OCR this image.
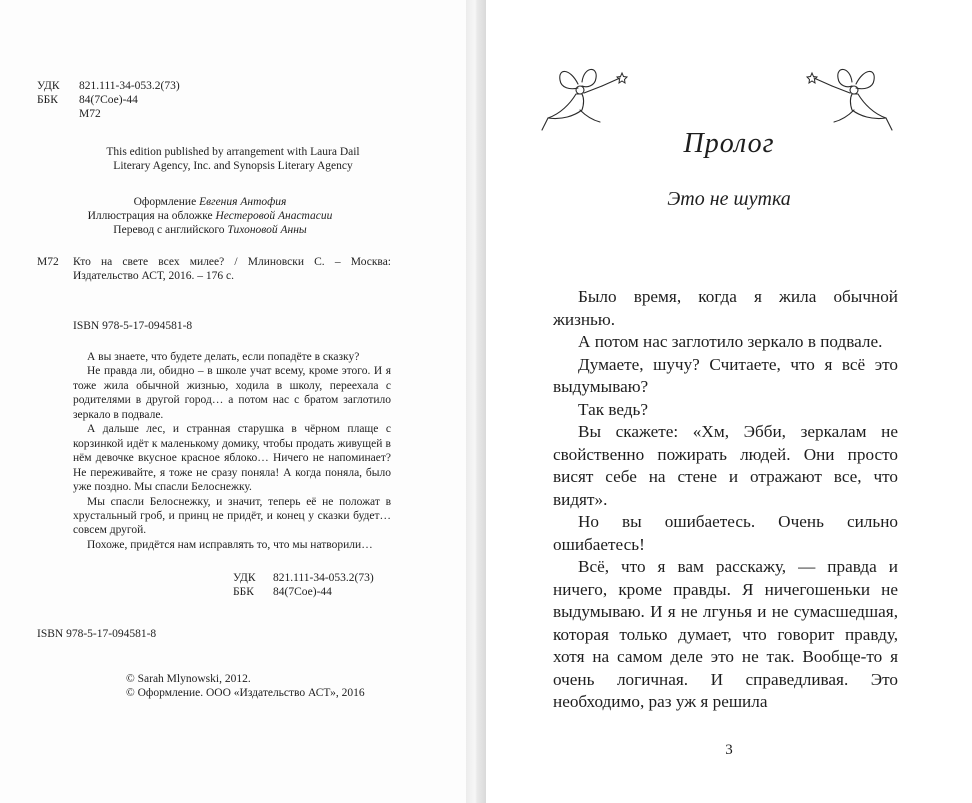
УДК 821.111-34-053.2(73)
ББК 84(7Сое)-44
М72
This edition published by arrangement with Laura Dail Literary Agency, Inc. and Synopsis Literary Agency
Оформление Евгения Антофия
Иллюстрация на обложке Нестеровой Анастасии
Перевод с английского Тихоновой Анны
М72 Кто на свете всех милее? / Млиновски С. – Москва: Издательство АСТ, 2016. – 176 с.
ISBN 978-5-17-094581-8

А вы знаете, что будете делать, если попадёте в сказку?

Не правда ли, обидно – в школе учат всему, кроме этого. И я тоже жила обычной жизнью, ходила в школу, переехала с родителями в другой город… а потом нас с братом заглотило зеркало в подвале.

А дальше лес, и странная старушка в чёрном плаще с корзинкой идёт к маленькому домику, чтобы продать живущей в нём девочке вкусное красное яблоко… Ничего не напоминает? Не переживайте, я тоже не сразу поняла! А когда поняла, было уже поздно. Мы спасли Белоснежку.

Мы спасли Белоснежку, и значит, теперь её не положат в хрустальный гроб, и принц не придёт, и конец у сказки будет… совсем другой.

Похоже, придётся нам исправлять то, что мы натворили…

УДК 821.111-34-053.2(73)
ББК 84(7Сое)-44
ISBN 978-5-17-094581-8
© Sarah Mlynowski, 2012.
© Оформление. ООО «Издательство АСТ», 2016
Пролог
Это не шутка

Было время, когда я жила обычной жизнью.

А потом нас заглотило зеркало в подвале.

Думаете, шучу? Считаете, что я всё это выдумываю?

Так ведь?

Вы скажете: «Хм, Эбби, зеркалам не свойственно пожирать людей. Они просто висят себе на стене и отражают все, что видят».

Но вы ошибаетесь. Очень сильно ошибаетесь!

Всё, что я вам расскажу, — правда и ничего, кроме правды. Я ничегошеньки не выдумываю. И я не лгунья и не сумасшедшая, которая только думает, что говорит правду, хотя на самом деле это не так. Вообще-то я очень логичная. И справедливая. Это необходимо, раз уж я решила

3
